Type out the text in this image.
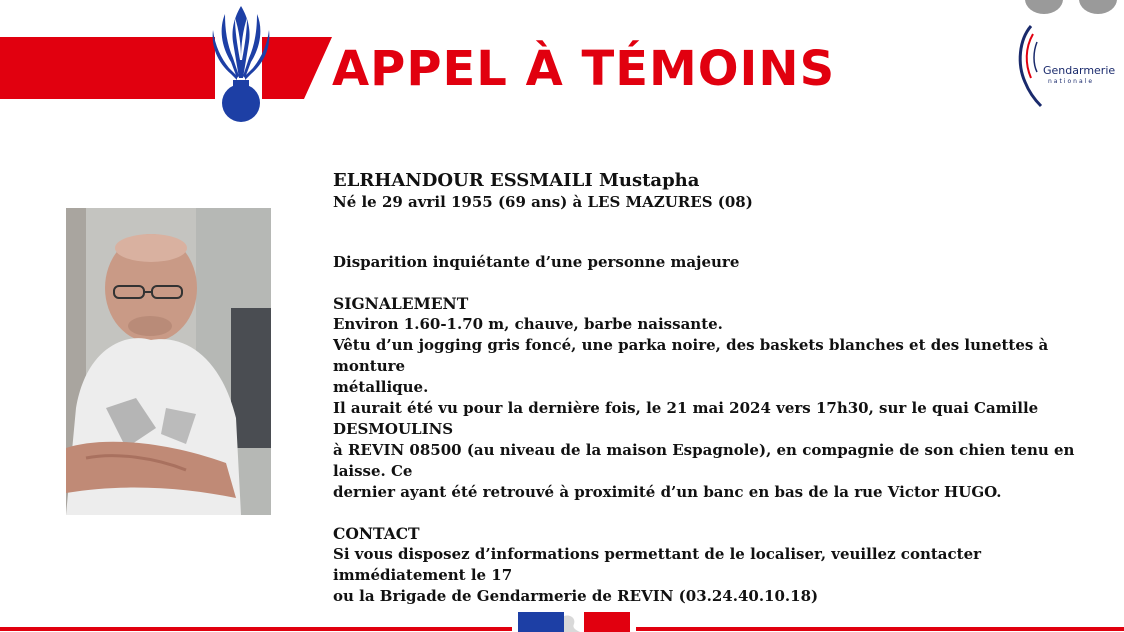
APPEL À TÉMOINS	Gendarmerie
nationale

ELRHANDOUR ESSMAILI Mustapha

Né le 29 avril 1955 (69 ans) à LES MAZURES (08)

Disparition inquiétante d’une personne majeure

SIGNALEMENT

Environ 1.60-1.70 m, chauve, barbe naissante.

Vêtu d’un jogging gris foncé, une parka noire, des baskets blanches et des lunettes à monture

métallique.

Il aurait été vu pour la dernière fois, le 21 mai 2024 vers 17h30, sur le quai Camille DESMOULINS

à REVIN 08500 (au niveau de la maison Espagnole), en compagnie de son chien tenu en laisse. Ce

dernier ayant été retrouvé à proximité d’un banc en bas de la rue Victor HUGO.

CONTACT

Si vous disposez d’informations permettant de le localiser, veuillez contacter immédiatement le 17

ou la Brigade de Gendarmerie de REVIN (03.24.40.10.18)
